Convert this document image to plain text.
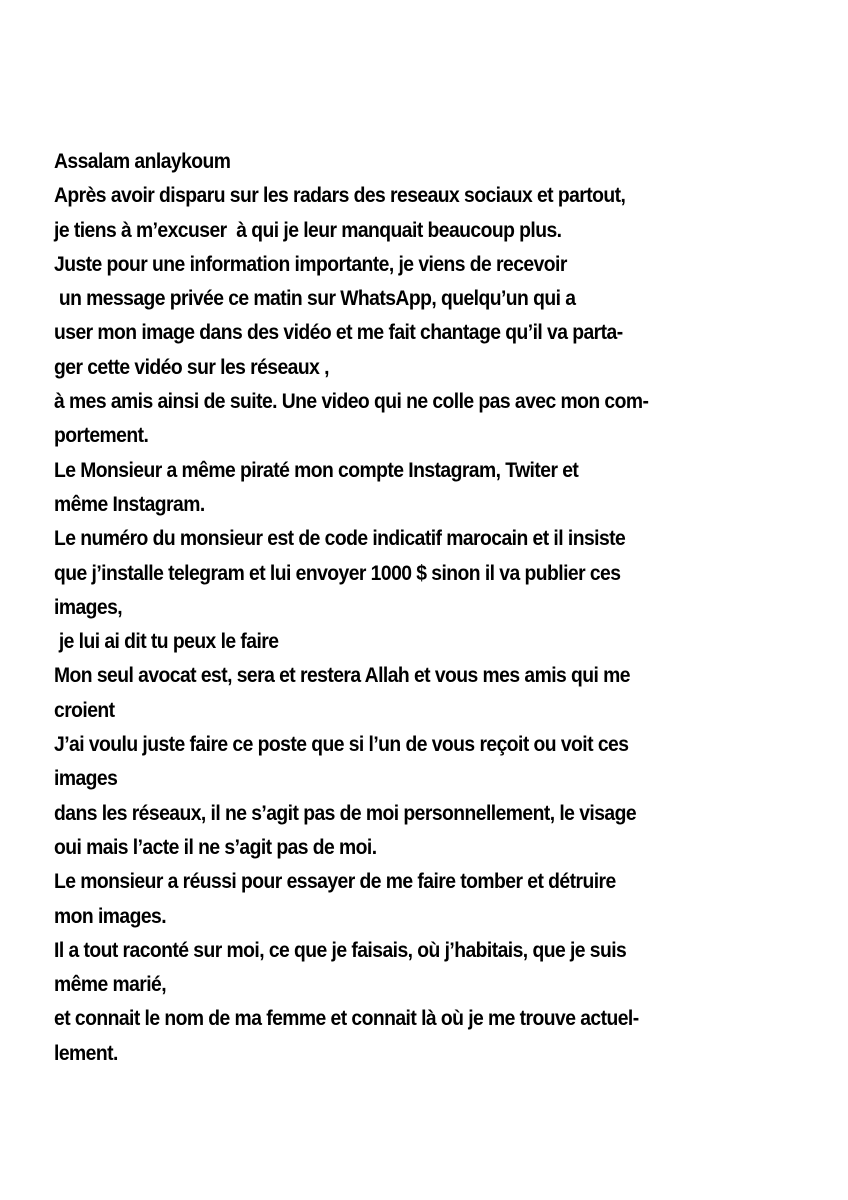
Assalam anlaykoum
Après avoir disparu sur les radars des reseaux sociaux et partout,
je tiens à m’excuser  à qui je leur manquait beaucoup plus.
Juste pour une information importante, je viens de recevoir
un message privée ce matin sur WhatsApp, quelqu’un qui a
user mon image dans des vidéo et me fait chantage qu’il va parta-
ger cette vidéo sur les réseaux ,
à mes amis ainsi de suite. Une video qui ne colle pas avec mon com-
portement.
Le Monsieur a même piraté mon compte Instagram, Twiter et
même Instagram.
Le numéro du monsieur est de code indicatif marocain et il insiste
que j’installe telegram et lui envoyer 1000 $ sinon il va publier ces
images,
je lui ai dit tu peux le faire
Mon seul avocat est, sera et restera Allah et vous mes amis qui me
croient
J’ai voulu juste faire ce poste que si l’un de vous reçoit ou voit ces
images
dans les réseaux, il ne s’agit pas de moi personnellement, le visage
oui mais l’acte il ne s’agit pas de moi.
Le monsieur a réussi pour essayer de me faire tomber et détruire
mon images.
Il a tout raconté sur moi, ce que je faisais, où j’habitais, que je suis
même marié,
et connait le nom de ma femme et connait là où je me trouve actuel-
lement.
